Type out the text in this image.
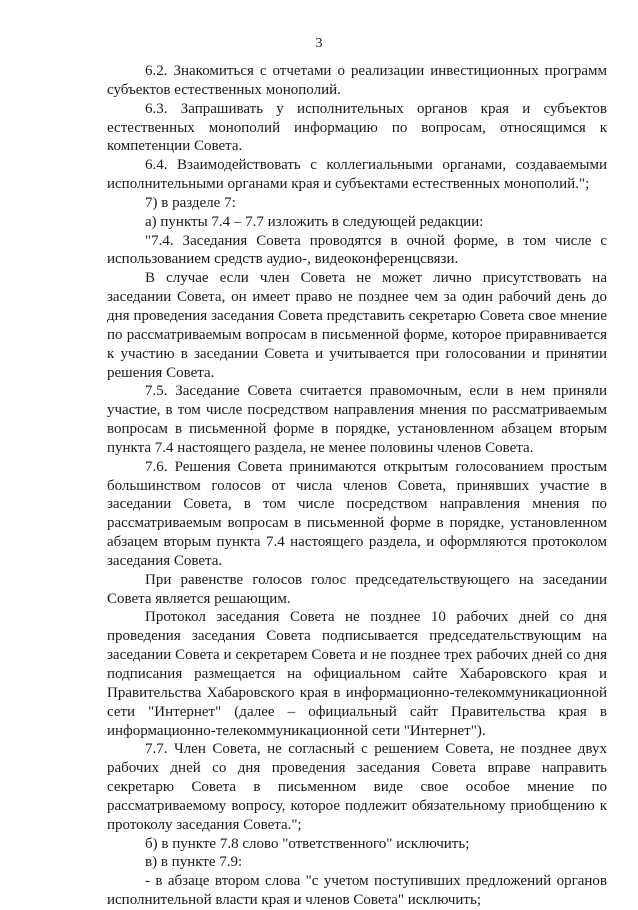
3

6.2. Знакомиться с отчетами о реализации инвестиционных программ субъектов естественных монополий.

6.3. Запрашивать у исполнительных органов края и субъектов естественных монополий информацию по вопросам, относящимся к компетенции Совета.

6.4. Взаимодействовать с коллегиальными органами, создаваемыми исполнительными органами края и субъектами естественных монополий.";

7) в разделе 7:

а) пункты 7.4 – 7.7 изложить в следующей редакции:

"7.4. Заседания Совета проводятся в очной форме, в том числе с использованием средств аудио-, видеоконференцсвязи.

В случае если член Совета не может лично присутствовать на заседании Совета, он имеет право не позднее чем за один рабочий день до дня проведения заседания Совета представить секретарю Совета свое мнение по рассматриваемым вопросам в письменной форме, которое приравнивается к участию в заседании Совета и учитывается при голосовании и принятии решения Совета.

7.5. Заседание Совета считается правомочным, если в нем приняли участие, в том числе посредством направления мнения по рассматриваемым вопросам в письменной форме в порядке, установленном абзацем вторым пункта 7.4 настоящего раздела, не менее половины членов Совета.

7.6. Решения Совета принимаются открытым голосованием простым большинством голосов от числа членов Совета, принявших участие в заседании Совета, в том числе посредством направления мнения по рассматриваемым вопросам в письменной форме в порядке, установленном абзацем вторым пункта 7.4 настоящего раздела, и оформляются протоколом заседания Совета.

При равенстве голосов голос председательствующего на заседании Совета является решающим.

Протокол заседания Совета не позднее 10 рабочих дней со дня проведения заседания Совета подписывается председательствующим на заседании Совета и секретарем Совета и не позднее трех рабочих дней со дня подписания размещается на официальном сайте Хабаровского края и Правительства Хабаровского края в информационно-телекоммуникационной сети "Интернет" (далее – официальный сайт Правительства края в информационно-телекоммуникационной сети "Интернет").

7.7. Член Совета, не согласный с решением Совета, не позднее двух рабочих дней со дня проведения заседания Совета вправе направить секретарю Совета в письменном виде свое особое мнение по рассматриваемому вопросу, которое подлежит обязательному приобщению к протоколу заседания Совета.";

б) в пункте 7.8 слово "ответственного" исключить;

в) в пункте 7.9:

- в абзаце втором слова "с учетом поступивших предложений органов исполнительной власти края и членов Совета" исключить;
